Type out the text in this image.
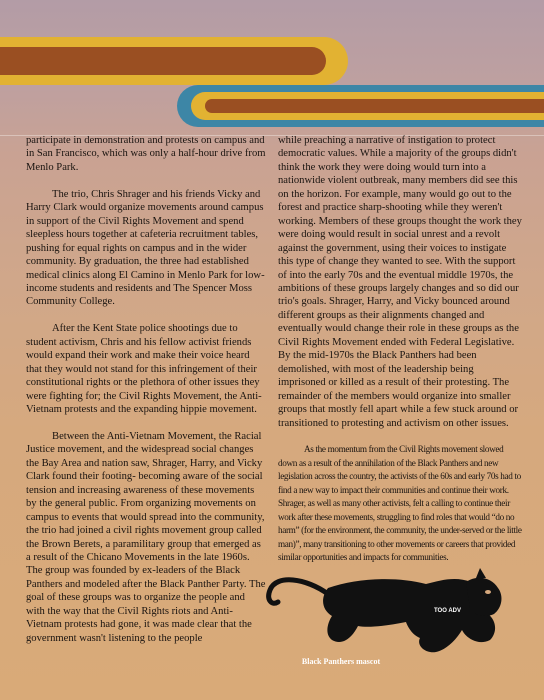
participate in demonstration and protests on campus and in San Francisco, which was only a half-hour drive from Menlo Park.

The trio, Chris Shrager and his friends Vicky and Harry Clark would organize movements around campus in support of the Civil Rights Movement and spend sleepless hours together at cafeteria recruitment tables, pushing for equal rights on campus and in the wider community. By graduation, the three had established medical clinics along El Camino in Menlo Park for low-income students and residents and The Spencer Moss Community College.

After the Kent State police shootings due to student activism, Chris and his fellow activist friends would expand their work and make their voice heard that they would not stand for this infringement of their constitutional rights or the plethora of other issues they were fighting for; the Civil Rights Movement, the Anti-Vietnam protests and the expanding hippie movement.

Between the Anti-Vietnam Movement, the Racial Justice movement, and the widespread social changes the Bay Area and nation saw, Shrager, Harry, and Vicky Clark found their footing- becoming aware of the social tension and increasing awareness of these movements by the general public. From organizing movements on campus to events that would spread into the community, the trio had joined a civil rights movement group called the Brown Berets, a paramilitary group that emerged as a result of the Chicano Movements in the late 1960s. The group was founded by ex-leaders of the Black Panthers and modeled after the Black Panther Party. The goal of these groups was to organize the people and with the way that the Civil Rights riots and Anti-Vietnam protests had gone, it was made clear that the government wasn't listening to the people

while preaching a narrative of instigation to protect democratic values. While a majority of the groups didn't think the work they were doing would turn into a nationwide violent outbreak, many members did see this on the horizon. For example, many would go out to the forest and practice sharp-shooting while they weren't working. Members of these groups thought the work they were doing would result in social unrest and a revolt against the government, using their voices to instigate this type of change they wanted to see. With the support of into the early 70s and the eventual middle 1970s, the ambitions of these groups largely changes and so did our trio's goals. Shrager, Harry, and Vicky bounced around different groups as their alignments changed and eventually would change their role in these groups as the Civil Rights Movement ended with Federal Legislative. By the mid-1970s the Black Panthers had been demolished, with most of the leadership being imprisoned or killed as a result of their protesting. The remainder of the members would organize into smaller groups that mostly fell apart while a few stuck around or transitioned to protesting and activism on other issues.

As the momentum from the Civil Rights movement slowed down as a result of the annihilation of the Black Panthers and new legislation across the country, the activists of the 60s and early 70s had to find a new way to impact their communities and continue their work. Shrager, as well as many other activists, felt a calling to continue their work after these movements, struggling to find roles that would “do no harm” (for the environment, the community, the under-served or the little man)”, many transitioning to other movements or careers that provided similar opportunities and impacts for communities.

TOO ADV
Black Panthers mascot
